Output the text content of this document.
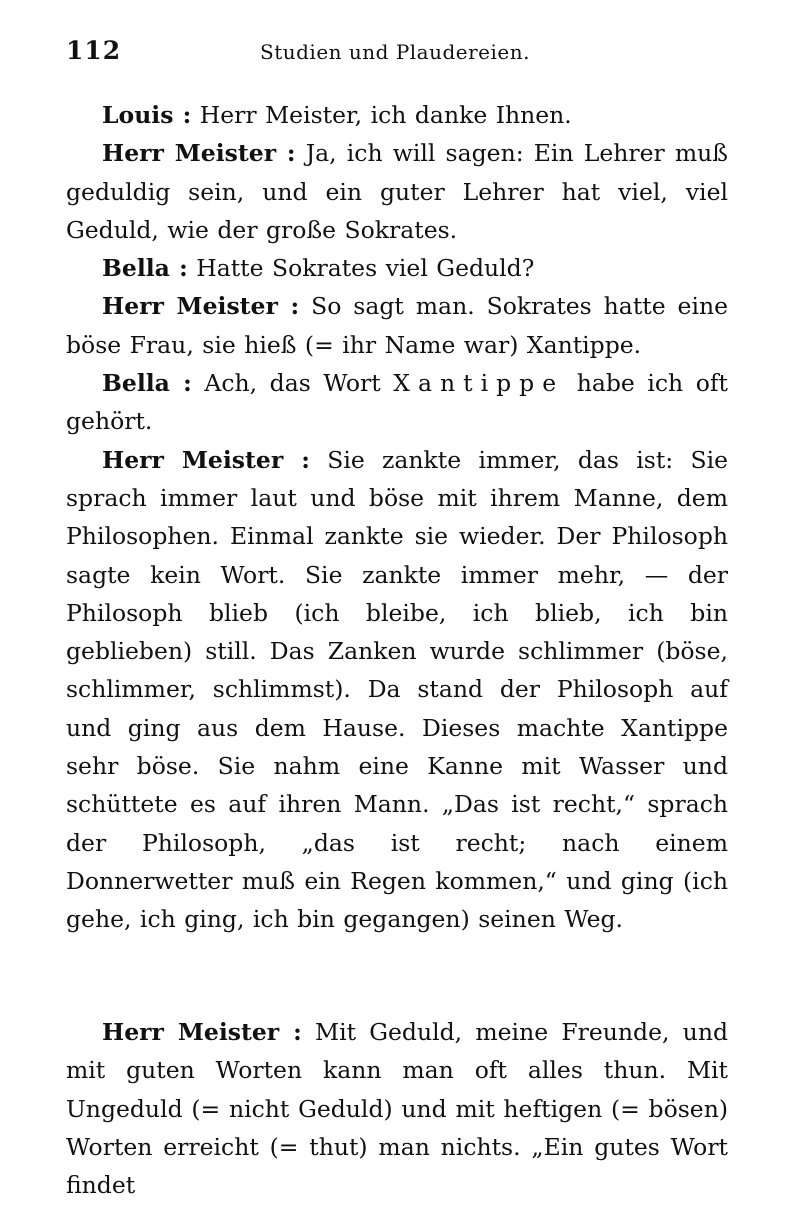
112	Studien und Plaudereien.

Louis : Herr Meister, ich danke Ihnen.

Herr Meister : Ja, ich will sagen: Ein Lehrer muß geduldig sein, und ein guter Lehrer hat viel, viel Geduld, wie der große Sokrates.

Bella : Hatte Sokrates viel Geduld?

Herr Meister : So sagt man. Sokrates hatte eine böse Frau, sie hieß (= ihr Name war) Xantippe.

Bella : Ach, das Wort Xantippe habe ich oft gehört.

Herr Meister : Sie zankte immer, das ist: Sie sprach immer laut und böse mit ihrem Manne, dem Philosophen. Einmal zankte sie wieder. Der Philosoph sagte kein Wort. Sie zankte immer mehr, — der Philosoph blieb (ich bleibe, ich blieb, ich bin geblieben) still. Das Zanken wurde schlimmer (böse, schlimmer, schlimmst). Da stand der Philosoph auf und ging aus dem Hause. Dieses machte Xantippe sehr böse. Sie nahm eine Kanne mit Wasser und schüttete es auf ihren Mann. „Das ist recht,“ sprach der Philosoph, „das ist recht; nach einem Donnerwetter muß ein Regen kommen,“ und ging (ich gehe, ich ging, ich bin gegangen) seinen Weg.

Herr Meister : Mit Geduld, meine Freunde, und mit guten Worten kann man oft alles thun. Mit Ungeduld (= nicht Geduld) und mit heftigen (= bösen) Worten erreicht (= thut) man nichts. „Ein gutes Wort findet
